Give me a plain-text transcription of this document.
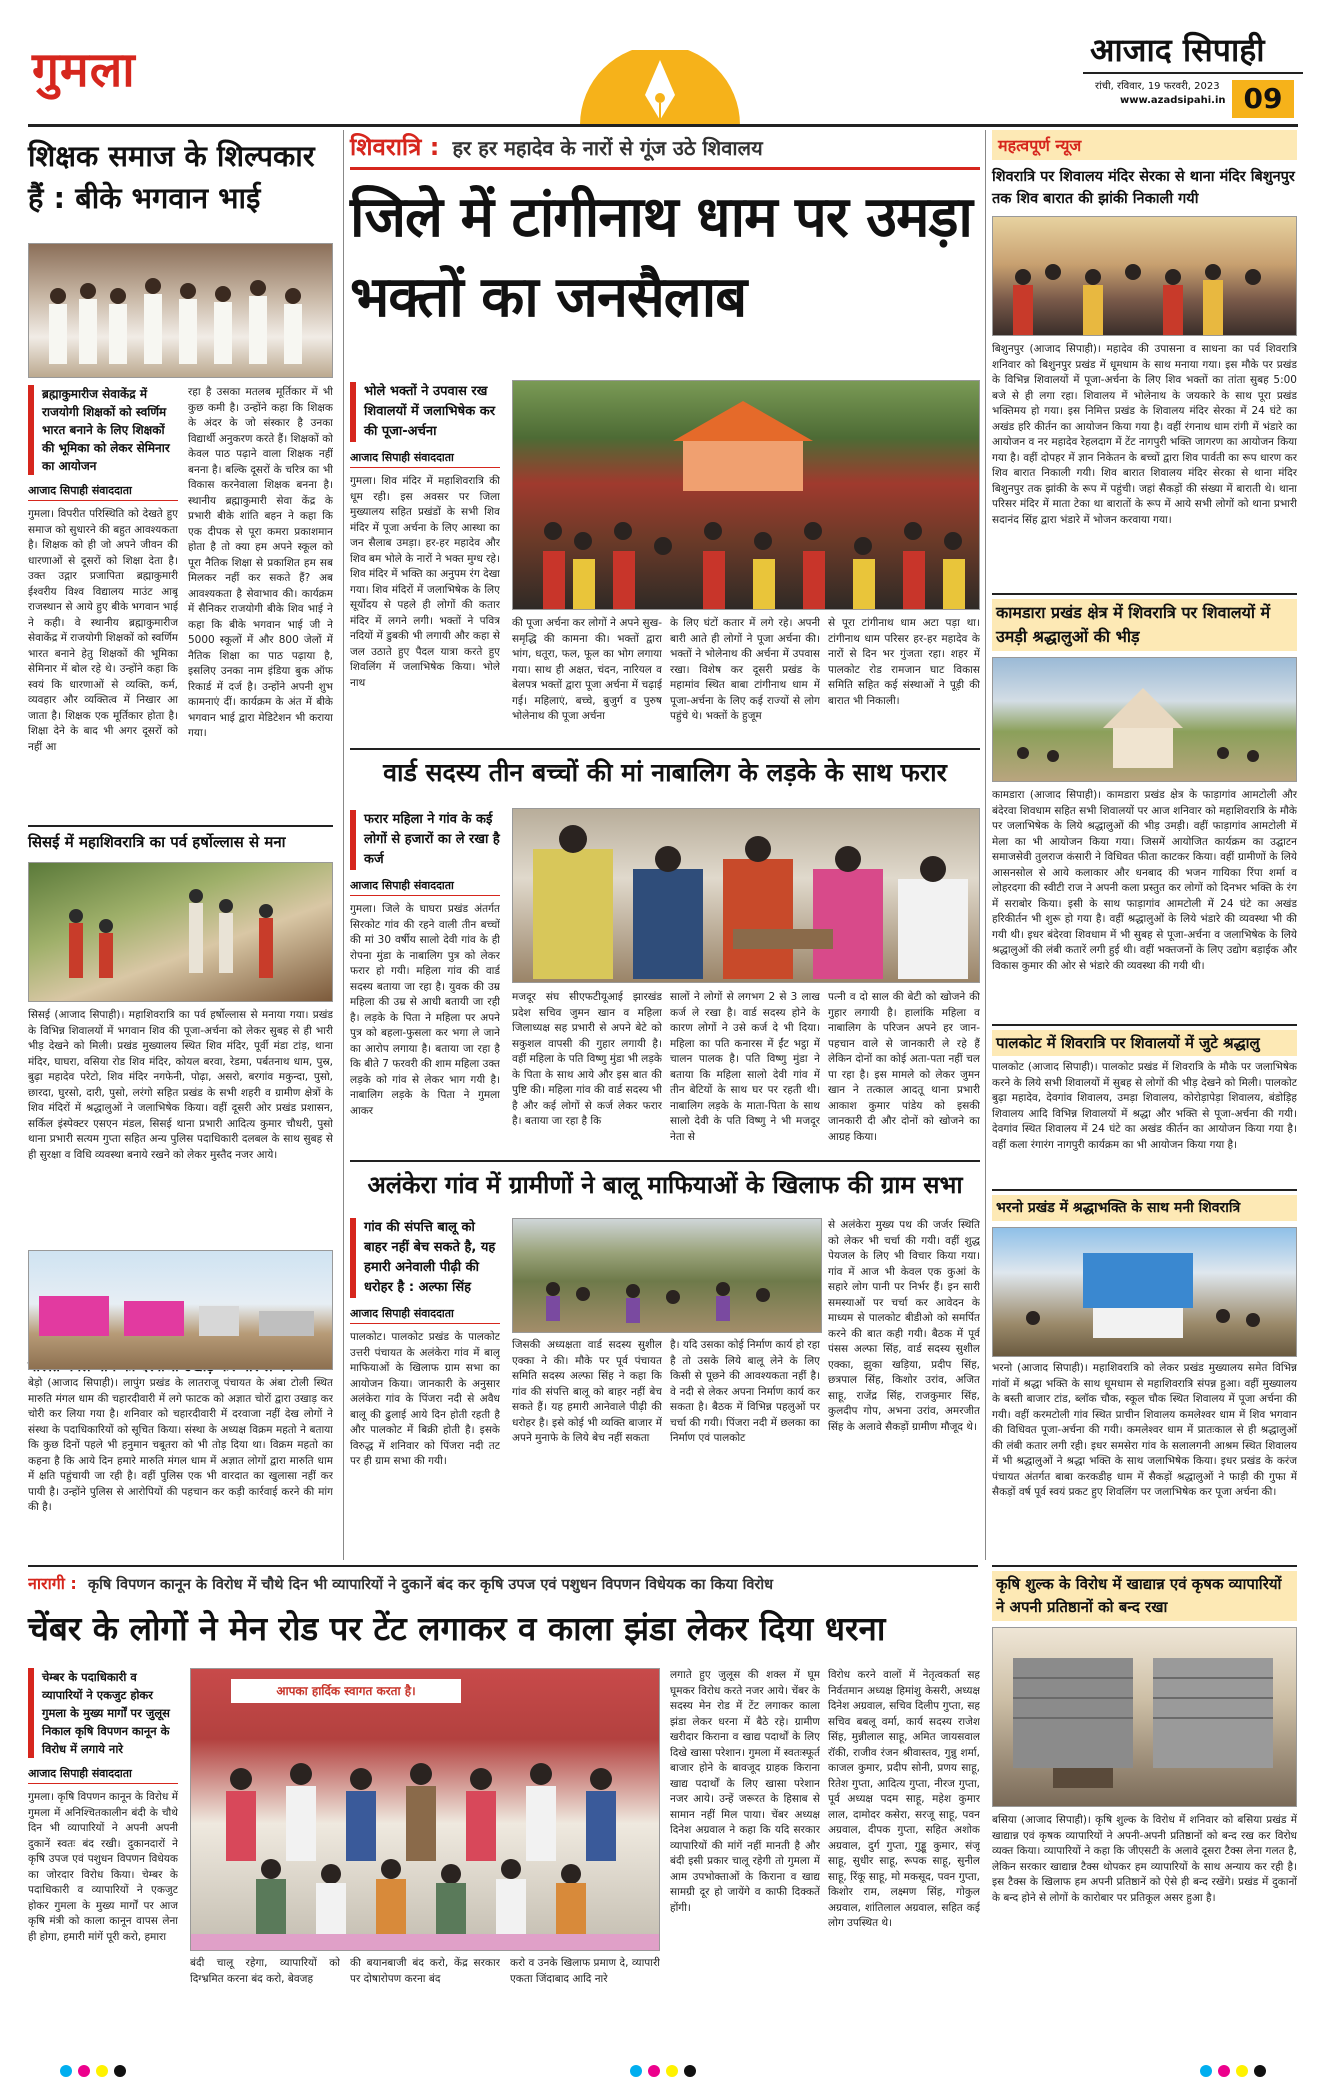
गुमला	आजाद सिपाही
रांची, रविवार, 19 फरवरी, 2023
www.azadsipahi.in 09
शिक्षक समाज के शिल्पकार हैं : बीके भगवान भाई
ब्रह्माकुमारीज सेवाकेंद्र में राजयोगी शिक्षकों को स्वर्णिम भारत बनाने के लिए शिक्षकों की भूमिका को लेकर सेमिनार का आयोजन
आजाद सिपाही संवाददाता
गुमला। विपरीत परिस्थिति को देखते हुए समाज को सुधारने की बहुत आवश्यकता है। शिक्षक को ही जो अपने जीवन की धारणाओं से दूसरों को शिक्षा देता है। उक्त उद्गार प्रजापिता ब्रह्माकुमारी ईश्वरीय विश्व विद्यालय माउंट आबू राजस्थान से आये हुए बीके भगवान भाई ने कही। वे स्थानीय ब्रह्माकुमारीज सेवाकेंद्र में राजयोगी शिक्षकों को स्वर्णिम भारत बनाने हेतु शिक्षकों की भूमिका सेमिनार में बोल रहे थे। उन्होंने कहा कि स्वयं कि धारणाओं से व्यक्ति, कर्म, व्यवहार और व्यक्तित्व में निखार आ जाता है। शिक्षक एक मूर्तिकार होता है। शिक्षा देने के बाद भी अगर दूसरों को नहीं आ
रहा है उसका मतलब मूर्तिकार में भी कुछ कमी है। उन्होंने कहा कि शिक्षक के अंदर के जो संस्कार है उनका विद्यार्थी अनुकरण करते हैं। शिक्षकों को केवल पाठ पढ़ाने वाला शिक्षक नहीं बनना है। बल्कि दूसरों के चरित्र का भी विकास करनेवाला शिक्षक बनना है। स्थानीय ब्रह्माकुमारी सेवा केंद्र के प्रभारी बीके शांति बहन ने कहा कि एक दीपक से पूरा कमरा प्रकाशमान होता है तो क्या हम अपने स्कूल को पूरा नैतिक शिक्षा से प्रकाशित हम सब मिलकर नहीं कर सकते हैं? अब आवश्यकता है सेवाभाव की। कार्यक्रम में सैनिकर राजयोगी बीके शिव भाई ने कहा कि बीके भगवान भाई जी ने 5000 स्कूलों में और 800 जेलों में नैतिक शिक्षा का पाठ पढ़ाया है, इसलिए उनका नाम इंडिया बुक ऑफ रिकार्ड में दर्ज है। उन्होंने अपनी शुभ कामनाएं दीं। कार्यक्रम के अंत में बीके भगवान भाई द्वारा मेडिटेशन भी कराया गया।
सिसई में महाशिवरात्रि का पर्व हर्षोल्लास से मना
सिसई (आजाद सिपाही)। महाशिवरात्रि का पर्व हर्षोल्लास से मनाया गया। प्रखंड के विभिन्न शिवालयों में भगवान शिव की पूजा-अर्चना को लेकर सुबह से ही भारी भीड़ देखने को मिली। प्रखंड मुख्यालय स्थित शिव मंदिर, पूर्वी मंडा टांड़, थाना मंदिर, घाघरा, वसिया रोड शिव मंदिर, कोयल बरवा, रेडमा, पर्बतनाथ धाम, पुस्र, बुढ़ा महादेव परेटो, शिव मंदिर नगफेनी, पोढ़ा, असरो, बरगांव मकुन्दा, पुसो, छारदा, घुरसो, दारी, पुसो, लरंगो सहित प्रखंड के सभी शहरी व ग्रामीण क्षेत्रों के शिव मंदिरों में श्रद्धालुओं ने जलाभिषेक किया। वहीं दूसरी ओर प्रखंड प्रशासन, सर्किल इंस्पेक्टर एसएन मंडल, सिसई थाना प्रभारी आदित्य कुमार चौधरी, पुसो थाना प्रभारी सत्यम गुप्ता सहित अन्य पुलिस पदाधिकारी दलबल के साथ सुबह से ही सुरक्षा व विधि व्यवस्था बनाये रखने को लेकर मुस्तैद नजर आये।
बेड़ो (आजाद सिपाही)। लापुंग प्रखंड के लातराजू पंचायत के अंबा टोली स्थित मारुति मंगल धाम की चहारदीवारी में लगे फाटक को अज्ञात चोरों द्वारा उखाड़ कर चोरी कर लिया गया है। शनिवार को चहारदीवारी में दरवाजा नहीं देख लोगों ने संस्था के पदाधिकारियों को सूचित किया। संस्था के अध्यक्ष विक्रम महतो ने बताया कि कुछ दिनों पहले भी हनुमान चबूतरा को भी तोड़ दिया था। विक्रम महतो का कहना है कि आये दिन हमारे मारुति मंगल धाम में अज्ञात लोगों द्वारा मारुति धाम में क्षति पहुंचायी जा रही है। वहीं पुलिस एक भी वारदात का खुलासा नहीं कर पायी है। उन्होंने पुलिस से आरोपियों की पहचान कर कड़ी कार्रवाई करने की मांग की है।
शिवरात्रि : हर हर महादेव के नारों से गूंज उठे शिवालय
जिले में टांगीनाथ धाम पर उमड़ा भक्तों का जनसैलाब
भोले भक्तों ने उपवास रख शिवालयों में जलाभिषेक कर की पूजा-अर्चना
आजाद सिपाही संवाददाता
गुमला। शिव मंदिर में महाशिवरात्रि की धूम रही। इस अवसर पर जिला मुख्यालय सहित प्रखंडों के सभी शिव मंदिर में पूजा अर्चना के लिए आस्था का जन सैलाब उमड़ा। हर-हर महादेव और शिव बम भोले के नारों ने भक्त मुग्ध रहे। शिव मंदिर में भक्ति का अनुपम रंग देखा गया। शिव मंदिरों में जलाभिषेक के लिए सूर्योदय से पहले ही लोगों की कतार मंदिर में लगने लगी। भक्तों ने पवित्र नदियों में डुबकी भी लगायी और कहा से जल उठाते हुए पैदल यात्रा करते हुए शिवलिंग में जलाभिषेक किया। भोले नाथ
की पूजा अर्चना कर लोगों ने अपने सुख-समृद्धि की कामना की। भक्तों द्वारा भांग, धतूरा, फल, फूल का भोग लगाया गया। साथ ही अक्षत, चंदन, नारियल व बेलपत्र भक्तों द्वारा पूजा अर्चना में चढ़ाई गई। महिलाएं, बच्चे, बुजुर्ग व पुरुष भोलेनाथ की पूजा अर्चना
के लिए घंटों कतार में लगे रहे। अपनी बारी आते ही लोगों ने पूजा अर्चना की। भक्तों ने भोलेनाथ की अर्चना में उपवास रखा। विशेष कर दूसरी प्रखंड के महामांव स्थित बाबा टांगीनाथ धाम में पूजा-अर्चना के लिए कई राज्यों से लोग पहुंचे थे। भक्तों के हुजूम
से पूरा टांगीनाथ धाम अटा पड़ा था। टांगीनाथ धाम परिसर हर-हर महादेव के नारों से दिन भर गुंजता रहा। शहर में पालकोट रोड रामजान घाट विकास समिति सहित कई संस्थाओं ने पूड़ी की बारात भी निकाली।
वार्ड सदस्य तीन बच्चों की मां नाबालिग के लड़के के साथ फरार
फरार महिला ने गांव के कई लोगों से हजारों का ले रखा है कर्ज
आजाद सिपाही संवाददाता
गुमला। जिले के घाघरा प्रखंड अंतर्गत सिरकोट गांव की रहने वाली तीन बच्चों की मां 30 वर्षीय सालो देवी गांव के ही रोपना मुंडा के नाबालिग पुत्र को लेकर फरार हो गयी। महिला गांव की वार्ड सदस्य बताया जा रहा है। युवक की उम्र महिला की उम्र से आधी बतायी जा रही है। लड़के के पिता ने महिला पर अपने पुत्र को बहला-फुसला कर भगा ले जाने का आरोप लगाया है। बताया जा रहा है कि बीते 7 फरवरी की शाम महिला उक्त लड़के को गांव से लेकर भाग गयी है। नाबालिग लड़के के पिता ने गुमला आकर
मजदूर संघ सीएफटीयूआई झारखंड प्रदेश सचिव जुमन खान व महिला जिलाध्यक्ष सह प्रभारी से अपने बेटे को सकुशल वापसी की गुहार लगायी है। वहीं महिला के पति विष्णु मुंडा भी लड़के के पिता के साथ आये और इस बात की पुष्टि की। महिला गांव की वार्ड सदस्य भी है और कई लोगों से कर्ज लेकर फरार है। बताया जा रहा है कि
सालों ने लोगों से लगभग 2 से 3 लाख कर्ज ले रखा है। वार्ड सदस्य होने के कारण लोगों ने उसे कर्ज दे भी दिया। महिला का पति कनारस में ईंट भट्ठा में चालन पालक है। पति विष्णु मुंडा ने बताया कि महिला सालो देवी गांव में तीन बेटियों के साथ घर पर रहती थी। नाबालिग लड़के के माता-पिता के साथ सालो देवी के पति विष्णु ने भी मजदूर नेता से
पत्नी व दो साल की बेटी को खोजने की गुहार लगायी है। हालांकि महिला व नाबालिग के परिजन अपने हर जान-पहचान वाले से जानकारी ले रहे हैं लेकिन दोनों का कोई अता-पता नहीं चल पा रहा है। इस मामले को लेकर जुमन खान ने तत्काल आदतू थाना प्रभारी आकाश कुमार पांडेय को इसकी जानकारी दी और दोनों को खोजने का आग्रह किया।
अलंकेरा गांव में ग्रामीणों ने बालू माफियाओं के खिलाफ की ग्राम सभा
गांव की संपत्ति बालू को बाहर नहीं बेच सकते है, यह हमारी अनेवाली पीढ़ी की धरोहर है : अल्फा सिंह
आजाद सिपाही संवाददाता
पालकोट। पालकोट प्रखंड के पालकोट उत्तरी पंचायत के अलंकेरा गांव में बालू माफियाओं के खिलाफ ग्राम सभा का आयोजन किया। जानकारी के अनुसार अलंकेरा गांव के पिंजरा नदी से अवैध बालू की ढुलाई आये दिन होती रहती है और पालकोट में बिक्री होती है। इसके विरुद्ध में शनिवार को पिंजरा नदी तट पर ही ग्राम सभा की गयी।
जिसकी अध्यक्षता वार्ड सदस्य सुशील एक्का ने की। मौके पर पूर्व पंचायत समिति सदस्य अल्फा सिंह ने कहा कि गांव की संपत्ति बालू को बाहर नहीं बेच सकते हैं। यह हमारी आनेवाले पीढ़ी की धरोहर है। इसे कोई भी व्यक्ति बाजार में अपने मुनाफे के लिये बेच नहीं सकता
है। यदि उसका कोई निर्माण कार्य हो रहा है तो उसके लिये बालू लेने के लिए किसी से पूछने की आवश्यकता नहीं है। वे नदी से लेकर अपना निर्माण कार्य कर सकता है। बैठक में विभिन्न पहलुओं पर चर्चा की गयी। पिंजरा नदी में छलका का निर्माण एवं पालकोट
से अलंकेरा मुख्य पथ की जर्जर स्थिति को लेकर भी चर्चा की गयी। वहीं शुद्ध पेयजल के लिए भी विचार किया गया। गांव में आज भी केवल एक कुआं के सहारे लोग पानी पर निर्भर हैं। इन सारी समस्याओं पर चर्चा कर आवेदन के माध्यम से पालकोट बीडीओ को समर्पित करने की बात कही गयी। बैठक में पूर्व पंसस अल्फा सिंह, वार्ड सदस्य सुशील एक्का, झुका खड़िया, प्रदीप सिंह, छत्रपाल सिंह, किशोर उरांव, अजित साहू, राजेंद्र सिंह, राजकुमार सिंह, कुलदीप गोप, अभना उरांव, अमरजीत सिंह के अलावे सैकड़ों ग्रामीण मौजूद थे।
महत्वपूर्ण न्यूज
शिवरात्रि पर शिवालय मंदिर सेरका से थाना मंदिर बिशुनपुर तक शिव बारात की झांकी निकाली गयी
बिशुनपुर (आजाद सिपाही)। महादेव की उपासना व साधना का पर्व शिवरात्रि शनिवार को बिशुनपुर प्रखंड में धूमधाम के साथ मनाया गया। इस मौके पर प्रखंड के विभिन्न शिवालयों में पूजा-अर्चना के लिए शिव भक्तों का तांता सुबह 5:00 बजे से ही लगा रहा। शिवालय में भोलेनाथ के जयकारे के साथ पूरा प्रखंड भक्तिमय हो गया। इस निमित्त प्रखंड के शिवालय मंदिर सेरका में 24 घंटे का अखंड हरि कीर्तन का आयोजन किया गया है। वहीं रंगनाथ धाम रांगी में भंडारे का आयोजन व नर महादेव रेहलदाग में टेंट नागपुरी भक्ति जागरण का आयोजन किया गया है। वहीं दोपहर में ज्ञान निकेतन के बच्चों द्वारा शिव पार्वती का रूप धारण कर शिव बारात निकाली गयी। शिव बारात शिवालय मंदिर सेरका से थाना मंदिर बिशुनपुर तक झांकी के रूप में पहुंची। जहां सैकड़ों की संख्या में बाराती थे। थाना परिसर मंदिर में माता टेका था बारातों के रूप में आये सभी लोगों को थाना प्रभारी सदानंद सिंह द्वारा भंडारे में भोजन करवाया गया।
कामडारा प्रखंड क्षेत्र में शिवरात्रि पर शिवालयों में उमड़ी श्रद्धालुओं की भीड़
कामडारा (आजाद सिपाही)। कामडारा प्रखंड क्षेत्र के फाड़ागांव आमटोली और बंदेरवा शिवधाम सहित सभी शिवालयों पर आज शनिवार को महाशिवरात्रि के मौके पर जलाभिषेक के लिये श्रद्धालुओं की भीड़ उमड़ी। वहीं फाड़ागांव आमटोली में मेला का भी आयोजन किया गया। जिसमें आयोजित कार्यक्रम का उद्घाटन समाजसेवी तुलराज कंसारी ने विधिवत फीता काटकर किया। वहीं ग्रामीणों के लिये आसनसोल से आये कलाकार और धनबाद की भजन गायिका रिंपा शर्मा व लोहरदगा की स्वीटी राज ने अपनी कला प्रस्तुत कर लोगों को दिनभर भक्ति के रंग में सराबोर किया। इसी के साथ फाड़ागांव आमटोली में 24 घंटे का अखंड हरिकीर्तन भी शुरू हो गया है। वहीं श्रद्धालुओं के लिये भंडारे की व्यवस्था भी की गयी थी। इधर बंदेरवा शिवधाम में भी सुबह से पूजा-अर्चना व जलाभिषेक के लिये श्रद्धालुओं की लंबी कतारें लगी हुई थी। वहीं भक्तजनों के लिए उद्योग बड़ाईक और विकास कुमार की ओर से भंडारे की व्यवस्था की गयी थी।
पालकोट में शिवरात्रि पर शिवालयों में जुटे श्रद्धालु
पालकोट (आजाद सिपाही)। पालकोट प्रखंड में शिवरात्रि के मौके पर जलाभिषेक करने के लिये सभी शिवालयों में सुबह से लोगों की भीड़ देखने को मिली। पालकोट बुढ़ा महादेव, देवगांव शिवालय, उमड़ा शिवालय, कोरोड़ापेड़ा शिवालय, बंडोड़िह शिवालय आदि विभिन्न शिवालयों में श्रद्धा और भक्ति से पूजा-अर्चना की गयी। देवगांव स्थित शिवालय में 24 घंटे का अखंड कीर्तन का आयोजन किया गया है। वहीं कला रंगारंग नागपुरी कार्यक्रम का भी आयोजन किया गया है।
भरनो प्रखंड में श्रद्धाभक्ति के साथ मनी शिवरात्रि
भरनो (आजाद सिपाही)। महाशिवरात्रि को लेकर प्रखंड मुख्यालय समेत विभिन्न गांवों में श्रद्धा भक्ति के साथ धूमधाम से महाशिवरात्रि संपन्न हुआ। वहीं मुख्यालय के बस्ती बाजार टांड, ब्लॉक चौक, स्कूल चौक स्थित शिवालय में पूजा अर्चना की गयी। वहीं करमटोली गांव स्थित प्राचीन शिवालय कमलेश्वर धाम में शिव भगवान की विधिवत पूजा-अर्चना की गयी। कमलेश्वर धाम में प्रातःकाल से ही श्रद्धालुओं की लंबी कतार लगी रही। इधर समसेरा गांव के सलालगनी आश्रम स्थित शिवालय में भी श्रद्धालुओं ने श्रद्धा भक्ति के साथ जलाभिषेक किया। इधर प्रखंड के करंज पंचायत अंतर्गत बाबा करकडीह धाम में सैकड़ों श्रद्धालुओं ने फाड़ी की गुफा में सैकड़ों वर्ष पूर्व स्वयं प्रकट हुए शिवलिंग पर जलाभिषेक कर पूजा अर्चना की।
नारागी : कृषि विपणन कानून के विरोध में चौथे दिन भी व्यापारियों ने दुकानें बंद कर कृषि उपज एवं पशुधन विपणन विधेयक का किया विरोध
चेंबर के लोगों ने मेन रोड पर टेंट लगाकर व काला झंडा लेकर दिया धरना
चेम्बर के पदाधिकारी व व्यापारियों ने एकजुट होकर गुमला के मुख्य मार्गों पर जुलूस निकाल कृषि विपणन कानून के विरोध में लगाये नारे
आजाद सिपाही संवाददाता
गुमला। कृषि विपणन कानून के विरोध में गुमला में अनिश्चितकालीन बंदी के चौथे दिन भी व्यापारियों ने अपनी अपनी दुकानें स्वतः बंद रखी। दुकानदारों ने कृषि उपज एवं पशुधन विपणन विधेयक का जोरदार विरोध किया। चेम्बर के पदाधिकारी व व्यापारियों ने एकजुट होकर गुमला के मुख्य मार्गों पर आज कृषि मंत्री को काला कानून वापस लेना ही होगा, हमारी मांगें पूरी करो, हमारा
आपका हार्दिक स्वागत करता है।
बंदी चालू रहेगा, व्यापारियों को दिग्भ्रमित करना बंद करो, बेवजह
की बयानबाजी बंद करो, केंद्र सरकार पर दोषारोपण करना बंद
करो व उनके खिलाफ प्रमाण दे, व्यापारी एकता जिंदाबाद आदि नारे
लगाते हुए जुलूस की शक्ल में घूम घूमकर विरोध करते नजर आये। चेंबर के सदस्य मेन रोड में टेंट लगाकर काला झंडा लेकर धरना में बैठे रहे। ग्रामीण खरीदार किराना व खाद्य पदार्थों के लिए दिखे खासा परेशान। गुमला में स्वतःस्फूर्त बाजार होने के बावजूद ग्राहक किराना खाद्य पदार्थों के लिए खासा परेशान नजर आये। उन्हें जरूरत के हिसाब से सामान नहीं मिल पाया। चेंबर अध्यक्ष दिनेश अग्रवाल ने कहा कि यदि सरकार व्यापारियों की मांगें नहीं मानती है और बंदी इसी प्रकार चालू रहेगी तो गुमला में आम उपभोक्ताओं के किराना व खाद्य सामग्री दूर हो जायेंगे व काफी दिक्कतें होंगी।
विरोध करने वालों में नेतृत्वकर्ता सह निर्वतमान अध्यक्ष हिमांशु केसरी, अध्यक्ष दिनेश अग्रवाल, सचिव दिलीप गुप्ता, सह सचिव बबलू वर्मा, कार्य सदस्य राजेश सिंह, मुन्नीलाल साहू, अमित जायसवाल रॉकी, राजीव रंजन श्रीवास्तव, गुन्नु शर्मा, काजल कुमार, प्रदीप सोनी, प्रणय साहू, रितेश गुप्ता, आदित्य गुप्ता, नीरज गुप्ता, पूर्व अध्यक्ष पदम साहू, महेश कुमार लाल, दामोदर कसेरा, सरजू साहू, पवन अग्रवाल, दीपक गुप्ता, सहित अशोक अग्रवाल, दुर्ग गुप्ता, गुड्डू कुमार, संजू साहू, सुधीर साहू, रूपक साहू, सुनील साहू, रिंकू साहू, मो मकसूद, पवन गुप्ता, किशोर राम, लक्ष्मण सिंह, गोकुल अग्रवाल, शांतिलाल अग्रवाल, सहित कई लोग उपस्थित थे।
कृषि शुल्क के विरोध में खाद्यान्न एवं कृषक व्यापारियों ने अपनी प्रतिष्ठानों को बन्द रखा
बसिया (आजाद सिपाही)। कृषि शुल्क के विरोध में शनिवार को बसिया प्रखंड में खाद्यान्न एवं कृषक व्यापारियों ने अपनी-अपनी प्रतिष्ठानों को बन्द रख कर विरोध व्यक्त किया। व्यापारियों ने कहा कि जीएसटी के अलावे दूसरा टैक्स लेना गलत है, लेकिन सरकार खाद्यान्न टैक्स थोपकर हम व्यापारियों के साथ अन्याय कर रही है। इस टैक्स के खिलाफ हम अपनी प्रतिष्ठानें को ऐसे ही बन्द रखेंगे। प्रखंड में दुकानों के बन्द होने से लोगों के कारोबार पर प्रतिकूल असर हुआ है।
